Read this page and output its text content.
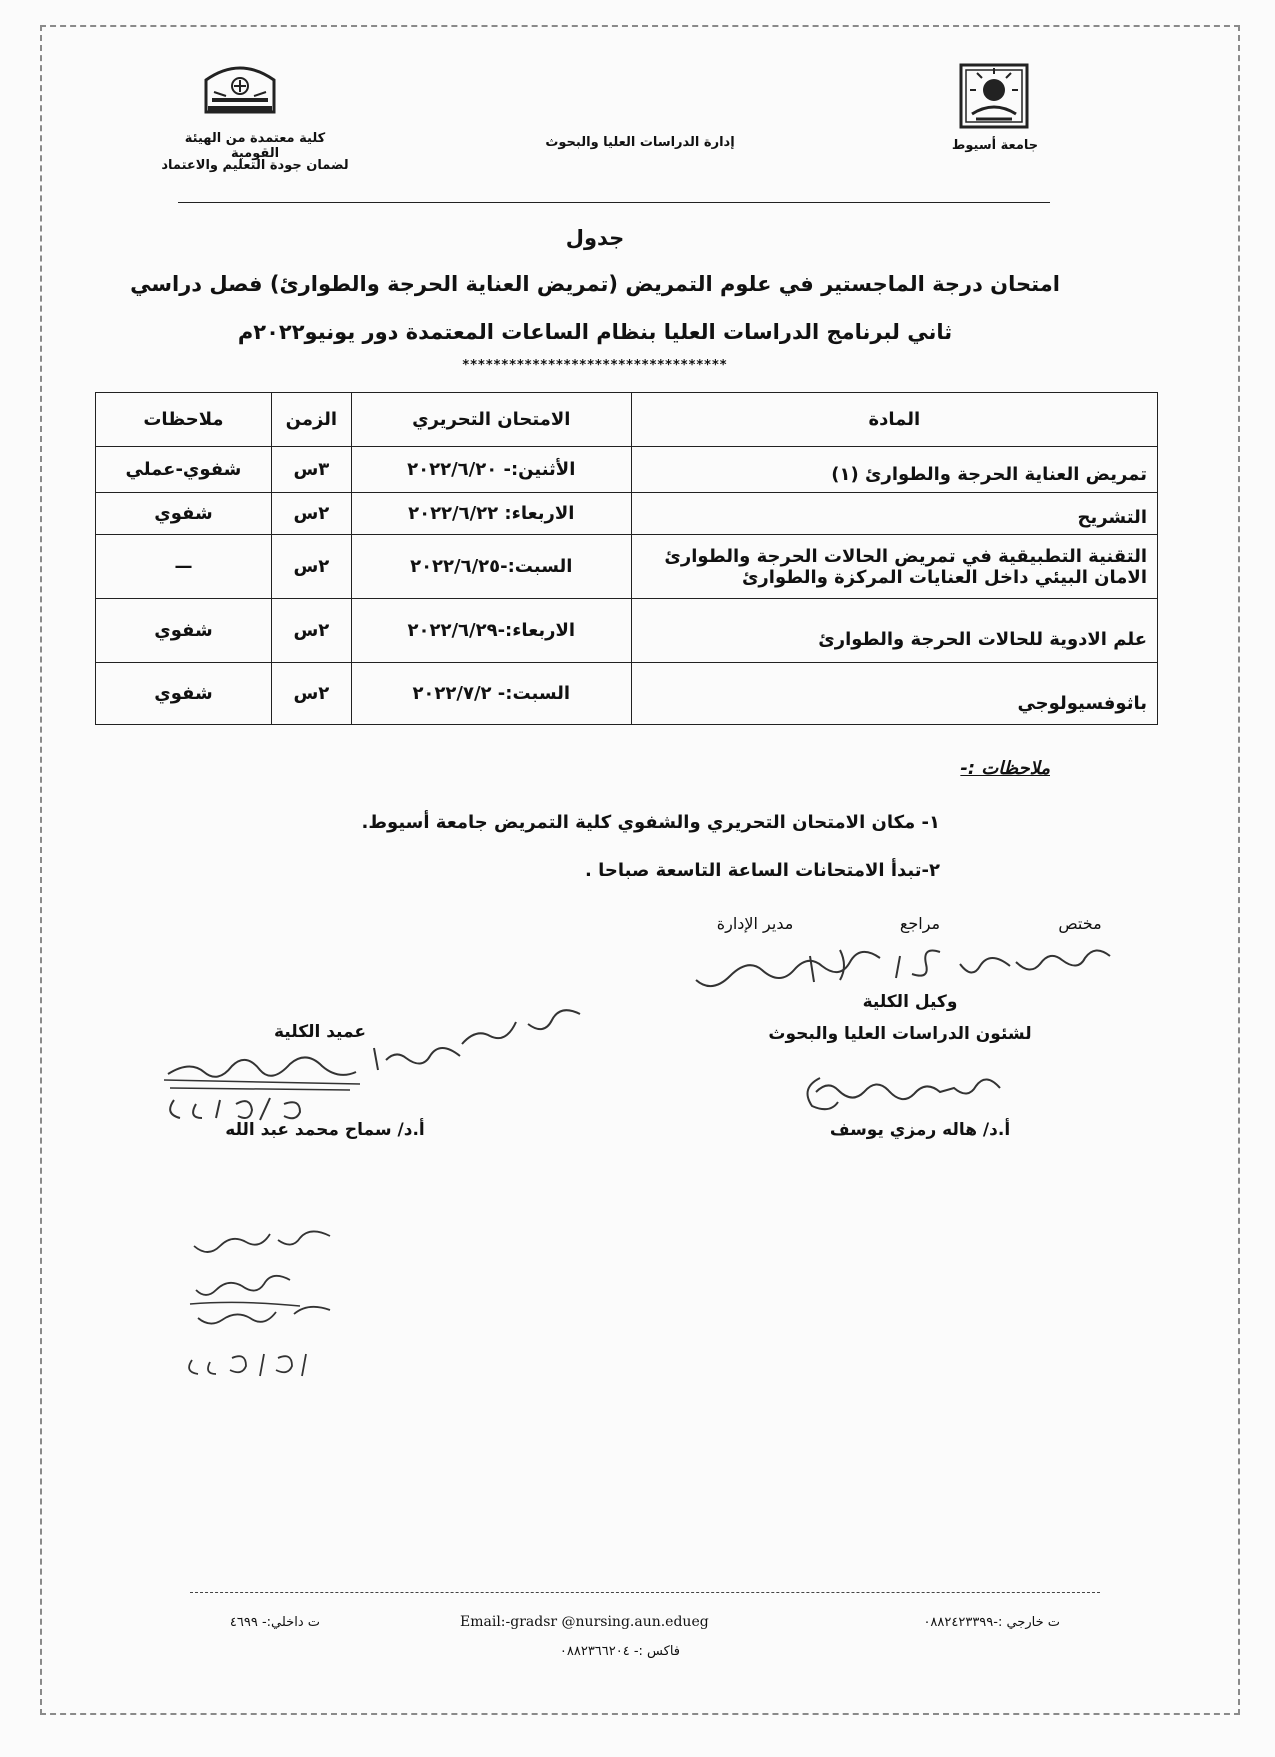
جامعة أسيوط
إدارة الدراسات العليا والبحوث
كلية معتمدة من الهيئة القومية
لضمان جودة التعليم والاعتماد
جدول
امتحان درجة الماجستير في علوم التمريض (تمريض العناية الحرجة والطوارئ) فصل دراسي
ثاني لبرنامج الدراسات العليا بنظام الساعات المعتمدة دور يونيو٢٠٢٢م
**********************************
المادة	الامتحان التحريري	الزمن	ملاحظات
تمريض العناية الحرجة والطوارئ (١)	الأثنين:- ٢٠٢٢/٦/٢٠	٣س	شفوي-عملي
التشريح	الاربعاء: ٢٠٢٢/٦/٢٢	٢س	شفوي

التقنية التطبيقية في تمريض الحالات الحرجة والطوارئ
الامان البيئي داخل العنايات المركزة والطوارئ	السبت:-٢٠٢٢/٦/٢٥	٢س	—
علم الادوية للحالات الحرجة والطوارئ	الاربعاء:-٢٠٢٢/٦/٢٩	٢س	شفوي
باثوفسيولوجي	السبت:- ٢٠٢٢/٧/٢	٢س	شفوي
ملاحظات :-
١- مكان الامتحان التحريري والشفوي كلية التمريض جامعة أسيوط.
٢-تبدأ الامتحانات الساعة التاسعة صباحا .
مختص
مراجع
مدير الإدارة
وكيل الكلية
لشئون الدراسات العليا والبحوث
أ.د/ هاله رمزي يوسف
عميد الكلية
أ.د/ سماح محمد عبد الله
ت داخلي:- ٤٦٩٩	Email:-gradsr @nursing.aun.edueg	ت خارجي :-٠٨٨٢٤٢٣٣٩٩
فاكس :- ٠٨٨٢٣٦٦٢٠٤
